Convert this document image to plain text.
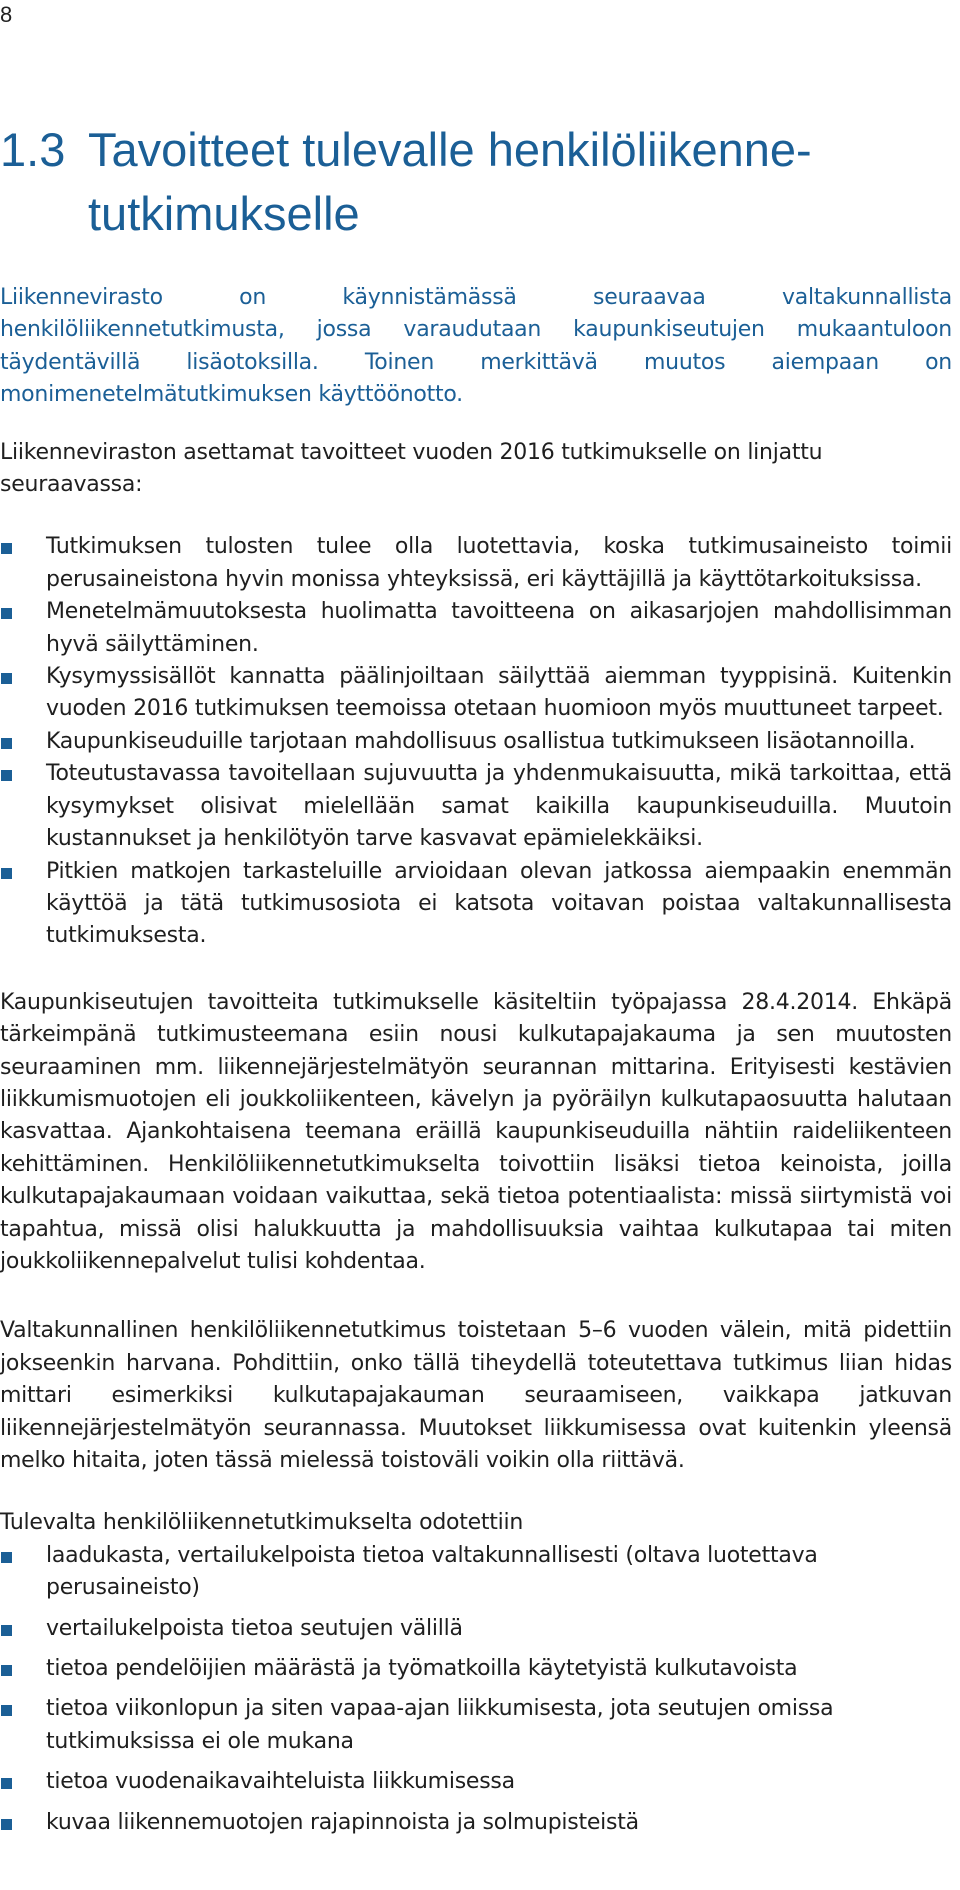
8
1.3 Tavoitteet tulevalle henkilöliikenne-
tutkimukselle

Liikennevirasto on käynnistämässä seuraavaa valtakunnallista henkilöliikennetutkimusta, jossa varaudutaan kaupunkiseutujen mukaantuloon täydentävillä lisäotoksilla. Toinen merkittävä muutos aiempaan on monimenetelmätutkimuksen käyttöönotto.

Liikenneviraston asettamat tavoitteet vuoden 2016 tutkimukselle on linjattu seuraavassa:

Tutkimuksen tulosten tulee olla luotettavia, koska tutkimusaineisto toimii perusaineistona hyvin monissa yhteyksissä, eri käyttäjillä ja käyttötarkoituksissa.
Menetelmämuutoksesta huolimatta tavoitteena on aikasarjojen mahdollisimman hyvä säilyttäminen.
Kysymyssisällöt kannatta päälinjoiltaan säilyttää aiemman tyyppisinä. Kuitenkin vuoden 2016 tutkimuksen teemoissa otetaan huomioon myös muuttuneet tarpeet.
Kaupunkiseuduille tarjotaan mahdollisuus osallistua tutkimukseen lisäotannoilla.
Toteutustavassa tavoitellaan sujuvuutta ja yhdenmukaisuutta, mikä tarkoittaa, että kysymykset olisivat mielellään samat kaikilla kaupunkiseuduilla. Muutoin kustannukset ja henkilötyön tarve kasvavat epämielekkäiksi.
Pitkien matkojen tarkasteluille arvioidaan olevan jatkossa aiempaakin enemmän käyttöä ja tätä tutkimusosiota ei katsota voitavan poistaa valtakunnallisesta tutkimuksesta.

Kaupunkiseutujen tavoitteita tutkimukselle käsiteltiin työpajassa 28.4.2014. Ehkäpä tärkeimpänä tutkimusteemana esiin nousi kulkutapajakauma ja sen muutosten seuraaminen mm. liikennejärjestelmätyön seurannan mittarina. Erityisesti kestävien liikkumismuotojen eli joukkoliikenteen, kävelyn ja pyöräilyn kulkutapaosuutta halutaan kasvattaa. Ajankohtaisena teemana eräillä kaupunkiseuduilla nähtiin raideliikenteen kehittäminen. Henkilöliikennetutkimukselta toivottiin lisäksi tietoa keinoista, joilla kulkutapajakaumaan voidaan vaikuttaa, sekä tietoa potentiaalista: missä siirtymistä voi tapahtua, missä olisi halukkuutta ja mahdollisuuksia vaihtaa kulkutapaa tai miten joukkoliikennepalvelut tulisi kohdentaa.

Valtakunnallinen henkilöliikennetutkimus toistetaan 5–6 vuoden välein, mitä pidettiin jokseenkin harvana. Pohdittiin, onko tällä tiheydellä toteutettava tutkimus liian hidas mittari esimerkiksi kulkutapajakauman seuraamiseen, vaikkapa jatkuvan liikennejärjestelmätyön seurannassa. Muutokset liikkumisessa ovat kuitenkin yleensä melko hitaita, joten tässä mielessä toistoväli voikin olla riittävä.

Tulevalta henkilöliikennetutkimukselta odotettiin

laadukasta, vertailukelpoista tietoa valtakunnallisesti (oltava luotettava perusaineisto)
vertailukelpoista tietoa seutujen välillä
tietoa pendelöijien määrästä ja työmatkoilla käytetyistä kulkutavoista
tietoa viikonlopun ja siten vapaa-ajan liikkumisesta, jota seutujen omissa tutkimuksissa ei ole mukana
tietoa vuodenaikavaihteluista liikkumisessa
kuvaa liikennemuotojen rajapinnoista ja solmupisteistä
